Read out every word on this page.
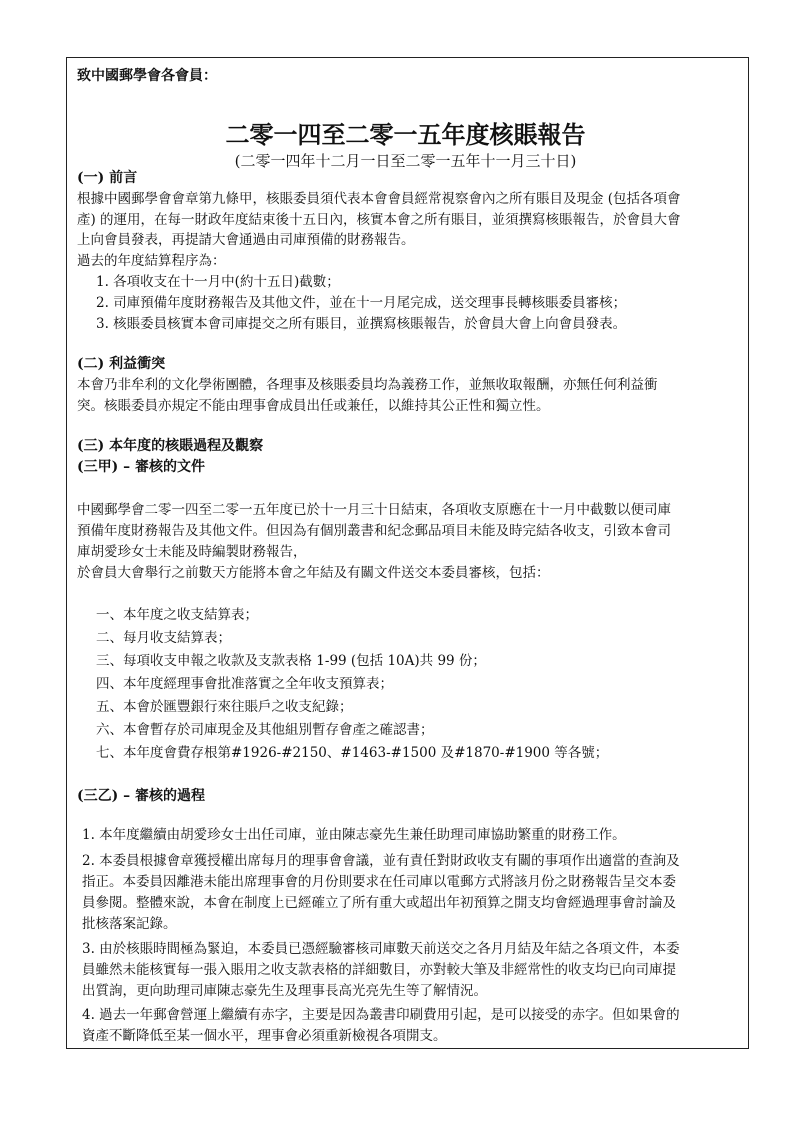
致中國郵學會各會員：
二零一四至二零一五年度核賬報告
(二零一四年十二月一日至二零一五年十一月三十日)
(一) 前言
根據中國郵學會會章第九條甲，核賬委員須代表本會會員經常視察會內之所有賬目及現金 (包括各項會
產) 的運用，在每一財政年度結束後十五日內，核實本會之所有賬目，並須撰寫核賬報告，於會員大會
上向會員發表，再提請大會通過由司庫預備的財務報告。
過去的年度結算程序為：
1. 各項收支在十一月中(約十五日)截數；
2. 司庫預備年度財務報告及其他文件，並在十一月尾完成，送交理事長轉核賬委員審核；
3. 核賬委員核實本會司庫提交之所有賬目，並撰寫核賬報告，於會員大會上向會員發表。
(二) 利益衝突
本會乃非牟利的文化學術團體，各理事及核賬委員均為義務工作，並無收取報酬，亦無任何利益衝
突。核賬委員亦規定不能由理事會成員出任或兼任，以維持其公正性和獨立性。
(三) 本年度的核賬過程及觀察
(三甲) – 審核的文件
中國郵學會二零一四至二零一五年度已於十一月三十日結束，各項收支原應在十一月中截數以便司庫
預備年度財務報告及其他文件。但因為有個別叢書和紀念郵品項目未能及時完結各收支，引致本會司
庫胡愛珍女士未能及時編製財務報告，
於會員大會舉行之前數天方能將本會之年結及有關文件送交本委員審核，包括：
一、本年度之收支結算表；
二、每月收支結算表；
三、每項收支申報之收款及支款表格 1-99 (包括 10A)共 99 份；
四、本年度經理事會批准落實之全年收支預算表；
五、本會於匯豐銀行來往賬戶之收支紀錄；
六、本會暫存於司庫現金及其他組別暫存會產之確認書；
七、本年度會費存根第#1926-#2150、#1463-#1500 及#1870-#1900 等各號；
(三乙) – 審核的過程
1. 本年度繼續由胡愛珍女士出任司庫，並由陳志豪先生兼任助理司庫協助繁重的財務工作。
2. 本委員根據會章獲授權出席每月的理事會會議，並有責任對財政收支有關的事項作出適當的查詢及
指正。本委員因離港未能出席理事會的月份則要求在任司庫以電郵方式將該月份之財務報告呈交本委
員參閱。整體來說，本會在制度上已經確立了所有重大或超出年初預算之開支均會經過理事會討論及
批核落案記錄。
3. 由於核賬時間極為緊迫，本委員已憑經驗審核司庫數天前送交之各月月結及年結之各項文件，本委
員雖然未能核實每一張入賬用之收支款表格的詳細數目，亦對較大筆及非經常性的收支均已向司庫提
出質詢，更向助理司庫陳志豪先生及理事長高光亮先生等了解情況。
4. 過去一年郵會營運上繼續有赤字，主要是因為叢書印刷費用引起，是可以接受的赤字。但如果會的
資產不斷降低至某一個水平，理事會必須重新檢視各項開支。
